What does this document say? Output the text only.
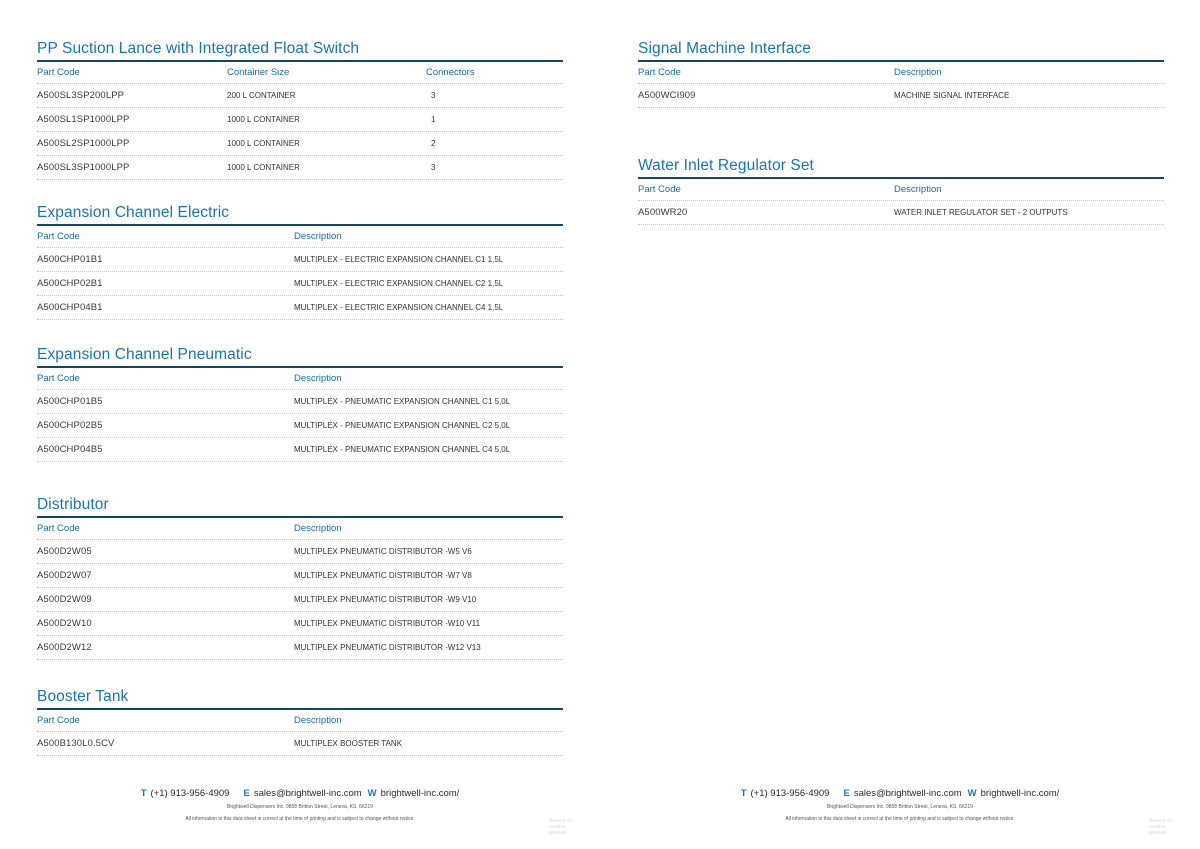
PP Suction Lance with Integrated Float Switch
Part Code	Container Size	Connectors
A500SL3SP200LPP	200 L CONTAINER	3
A500SL1SP1000LPP	1000 L CONTAINER	1
A500SL2SP1000LPP	1000 L CONTAINER	2
A500SL3SP1000LPP	1000 L CONTAINER	3
Expansion Channel Electric
Part Code	Description
A500CHP01B1	MULTIPLEX - ELECTRIC EXPANSION CHANNEL C1 1,5L
A500CHP02B1	MULTIPLEX - ELECTRIC EXPANSION CHANNEL C2 1,5L
A500CHP04B1	MULTIPLEX - ELECTRIC EXPANSION CHANNEL C4 1,5L
Expansion Channel Pneumatic
Part Code	Description
A500CHP01B5	MULTIPLEX - PNEUMATIC EXPANSION CHANNEL C1 5,0L
A500CHP02B5	MULTIPLEX - PNEUMATIC EXPANSION CHANNEL C2 5,0L
A500CHP04B5	MULTIPLEX - PNEUMATIC EXPANSION CHANNEL C4 5,0L
Distributor
Part Code	Description
A500D2W05	MULTIPLEX PNEUMATIC DISTRIBUTOR -W5 V6
A500D2W07	MULTIPLEX PNEUMATIC DISTRIBUTOR -W7 V8
A500D2W09	MULTIPLEX PNEUMATIC DISTRIBUTOR -W9 V10
A500D2W10	MULTIPLEX PNEUMATIC DISTRIBUTOR -W10 V11
A500D2W12	MULTIPLEX PNEUMATIC DISTRIBUTOR -W12 V13
Booster Tank
Part Code	Description
A500B130L0.5CV	MULTIPLEX BOOSTER TANK
Signal Machine Interface
Part Code	Description
A500WCI909	MACHINE SIGNAL INTERFACE
Water Inlet Regulator Set
Part Code	Description
A500WR20	WATER INLET REGULATOR SET - 2 OUTPUTS
T (+1) 913-956-4909 E sales@brightwell-inc.com W brightwell-inc.com/
Brightwell Dispensers Inc. 9858 Britton Street, Lenexa, KS, 66219
All information in this data sheet is correct at the time of printing and is subject to change without notice.
T (+1) 913-956-4909 E sales@brightwell-inc.com W brightwell-inc.com/
Brightwell Dispensers Inc. 9858 Britton Street, Lenexa, KS, 66219
All information in this data sheet is correct at the time of printing and is subject to change without notice.
Revision 01
01/2023
BR00US
Revision 01
01/2023
BR00US
